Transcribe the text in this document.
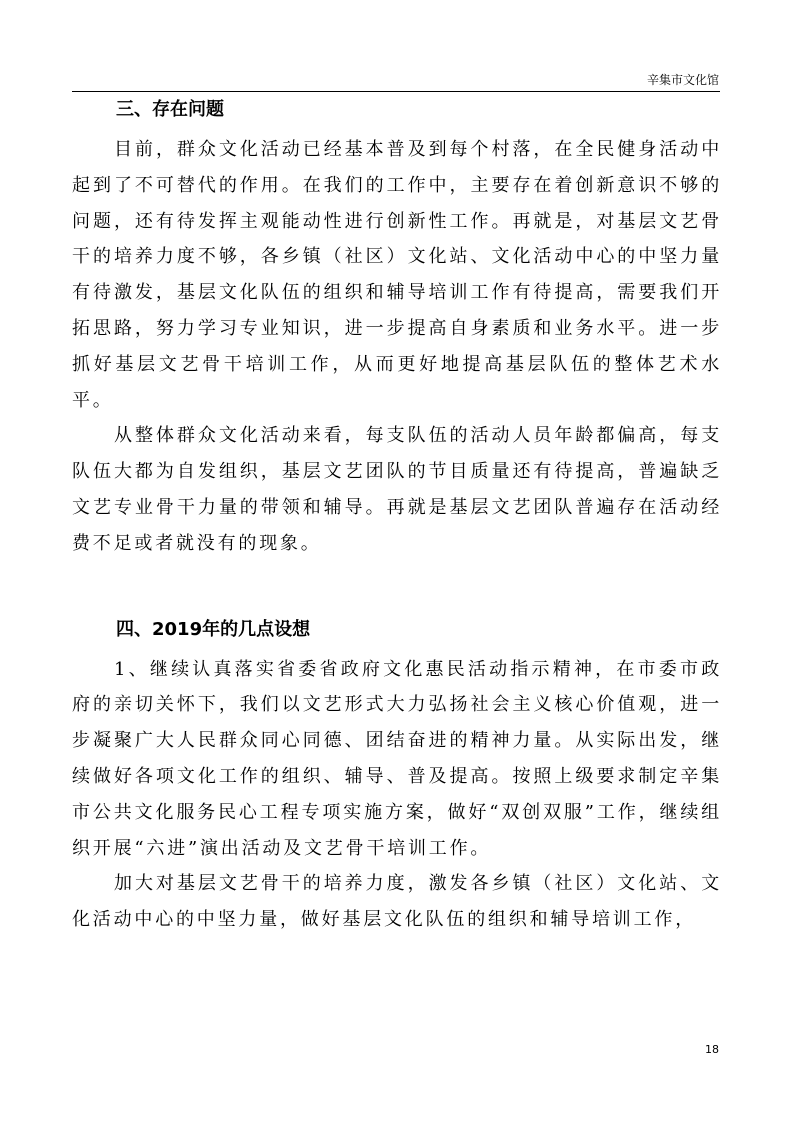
辛集市文化馆
三、存在问题

目前，群众文化活动已经基本普及到每个村落，在全民健身活动中起到了不可替代的作用。在我们的工作中，主要存在着创新意识不够的问题，还有待发挥主观能动性进行创新性工作。再就是，对基层文艺骨干的培养力度不够，各乡镇（社区）文化站、文化活动中心的中坚力量有待激发，基层文化队伍的组织和辅导培训工作有待提高，需要我们开拓思路，努力学习专业知识，进一步提高自身素质和业务水平。进一步抓好基层文艺骨干培训工作，从而更好地提高基层队伍的整体艺术水平。

从整体群众文化活动来看，每支队伍的活动人员年龄都偏高，每支队伍大都为自发组织，基层文艺团队的节目质量还有待提高，普遍缺乏文艺专业骨干力量的带领和辅导。再就是基层文艺团队普遍存在活动经费不足或者就没有的现象。

四、2019年的几点设想

1、继续认真落实省委省政府文化惠民活动指示精神，在市委市政府的亲切关怀下，我们以文艺形式大力弘扬社会主义核心价值观，进一步凝聚广大人民群众同心同德、团结奋进的精神力量。从实际出发，继续做好各项文化工作的组织、辅导、普及提高。按照上级要求制定辛集市公共文化服务民心工程专项实施方案，做好“双创双服”工作，继续组织开展“六进”演出活动及文艺骨干培训工作。

加大对基层文艺骨干的培养力度，激发各乡镇（社区）文化站、文化活动中心的中坚力量，做好基层文化队伍的组织和辅导培训工作，

18
